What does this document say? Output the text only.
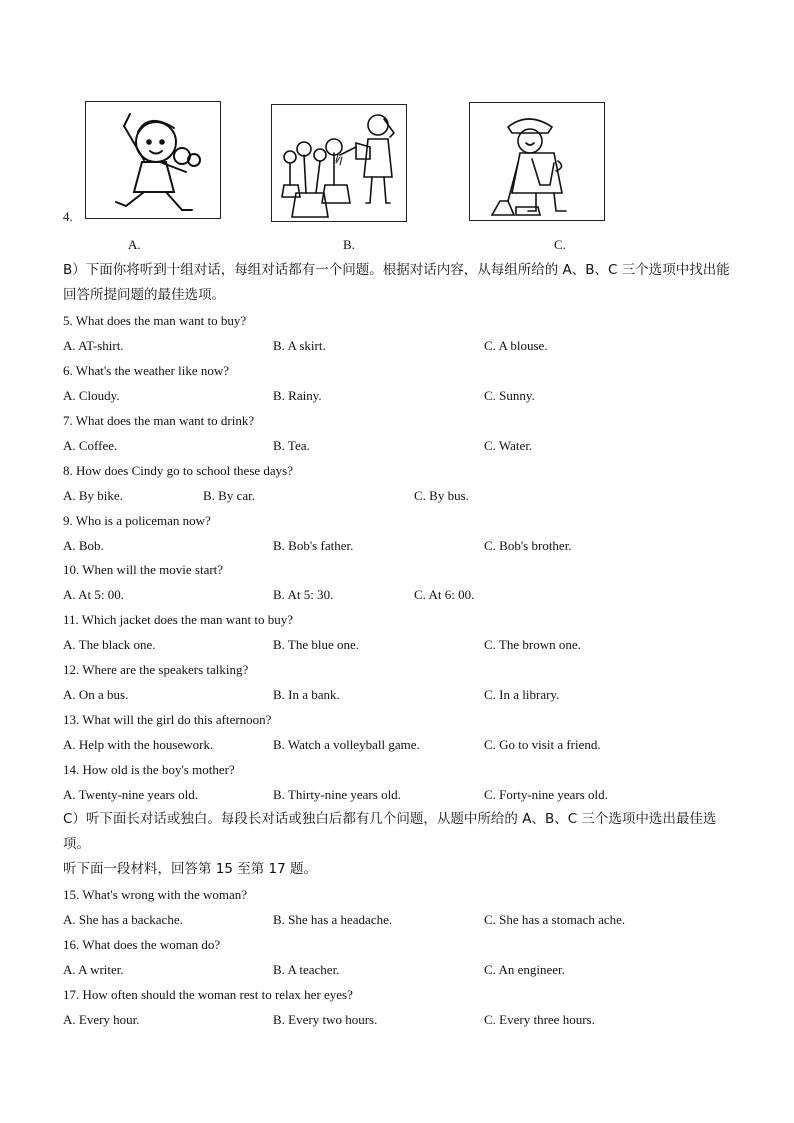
4.
A.	B.	C.
B）下面你将听到十组对话，每组对话都有一个问题。根据对话内容，从每组所给的 A、B、C 三个选项中找出能回答所提问题的最佳选项。
5. What does the man want to buy?
A. AT-shirt.	B. A skirt.	C. A blouse.
6. What's the weather like now?
A. Cloudy.	B. Rainy.	C. Sunny.
7. What does the man want to drink?
A. Coffee.	B. Tea.	C. Water.
8. How does Cindy go to school these days?
A. By bike.	B. By car.	C. By bus.
9. Who is a policeman now?
A. Bob.	B. Bob's father.	C. Bob's brother.
10. When will the movie start?
A. At 5: 00.	B. At 5: 30.	C. At 6: 00.
11. Which jacket does the man want to buy?
A. The black one.	B. The blue one.	C. The brown one.
12. Where are the speakers talking?
A. On a bus.	B. In a bank.	C. In a library.
13. What will the girl do this afternoon?
A. Help with the housework.	B. Watch a volleyball game.	C. Go to visit a friend.
14. How old is the boy's mother?
A. Twenty-nine years old.	B. Thirty-nine years old.	C. Forty-nine years old.
C）听下面长对话或独白。每段长对话或独白后都有几个问题，从题中所给的 A、B、C 三个选项中选出最佳选项。
听下面一段材料，回答第 15 至第 17 题。
15. What's wrong with the woman?
A. She has a backache.	B. She has a headache.	C. She has a stomach ache.
16. What does the woman do?
A. A writer.	B. A teacher.	C. An engineer.
17. How often should the woman rest to relax her eyes?
A. Every hour.	B. Every two hours.	C. Every three hours.
